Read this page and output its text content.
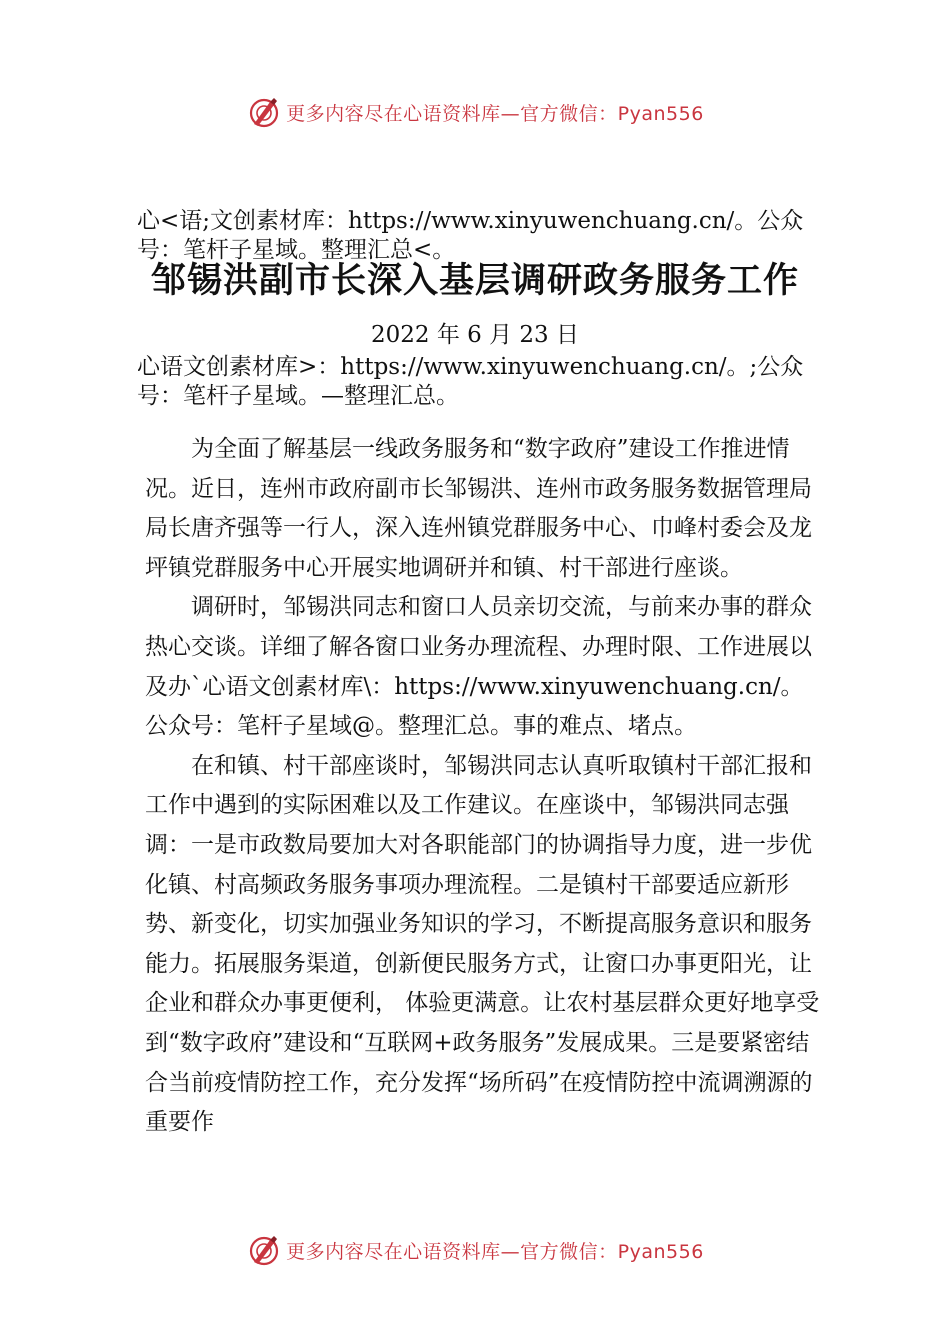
更多内容尽在心语资料库—官方微信：Pyan556
心<语;文创素材库：https://www.xinyuwenchuang.cn/。公众
号：笔杆子星域。整理汇总<。
邹锡洪副市长深入基层调研政务服务工作
2022 年 6 月 23 日
心语文创素材库>：https://www.xinyuwenchuang.cn/。;公众
号：笔杆子星域。—整理汇总。

为全面了解基层一线政务服务和“数字政府”建设工作推进情况。近日，连州市政府副市长邹锡洪、连州市政务服务数据管理局局长唐齐强等一行人，深入连州镇党群服务中心、巾峰村委会及龙坪镇党群服务中心开展实地调研并和镇、村干部进行座谈。

调研时，邹锡洪同志和窗口人员亲切交流，与前来办事的群众热心交谈。详细了解各窗口业务办理流程、办理时限、工作进展以及办`心语文创素材库\：https://www.xinyuwenchuang.cn/。公众号：笔杆子星域@。整理汇总。事的难点、堵点。

在和镇、村干部座谈时，邹锡洪同志认真听取镇村干部汇报和工作中遇到的实际困难以及工作建议。在座谈中，邹锡洪同志强调：一是市政数局要加大对各职能部门的协调指导力度，进一步优化镇、村高频政务服务事项办理流程。二是镇村干部要适应新形势、新变化，切实加强业务知识的学习，不断提高服务意识和服务能力。拓展服务渠道，创新便民服务方式，让窗口办事更阳光，让企业和群众办事更便利， 体验更满意。让农村基层群众更好地享受到“数字政府”建设和“互联网+政务服务”发展成果。三是要紧密结合当前疫情防控工作，充分发挥“场所码”在疫情防控中流调溯源的重要作

更多内容尽在心语资料库—官方微信：Pyan556
